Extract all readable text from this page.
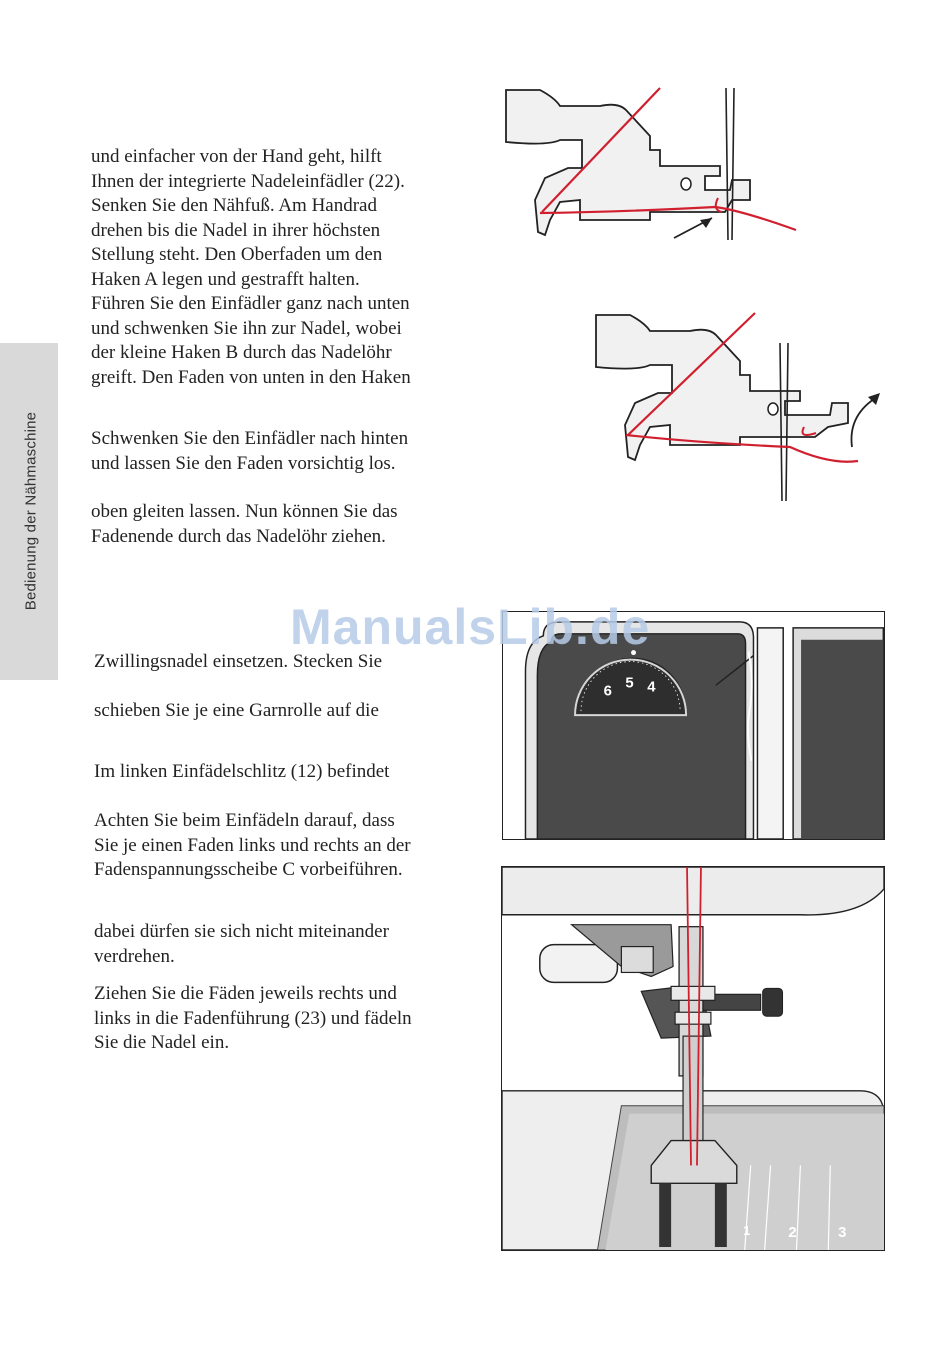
Bedienung der Nähmaschine

und einfacher von der Hand geht, hilft
Ihnen der integrierte Nadeleinfädler (22).
Senken Sie den Nähfuß. Am Handrad
drehen bis die Nadel in ihrer höchsten
Stellung steht. Den Oberfaden um den
Haken A legen und gestrafft halten.
Führen Sie den Einfädler ganz nach unten
und schwenken Sie ihn zur Nadel, wobei
der kleine Haken B durch das Nadelöhr
greift. Den Faden von unten in den Haken

Schwenken Sie den Einfädler nach hinten
und lassen Sie den Faden vorsichtig los.

oben gleiten lassen. Nun können Sie das
Fadenende durch das Nadelöhr ziehen.

Zwillingsnadel einsetzen. Stecken Sie

schieben Sie je eine Garnrolle auf die

Im linken Einfädelschlitz (12) befindet

Achten Sie beim Einfädeln darauf, dass
Sie je einen Faden links und rechts an der
Fadenspannungsscheibe C vorbeiführen.

dabei dürfen sie sich nicht miteinander
verdrehen.

Ziehen Sie die Fäden jeweils rechts und
links in die Fadenführung (23) und fädeln
Sie die Nadel ein.

6 5 4
1	2	3
ManualsLib.de
